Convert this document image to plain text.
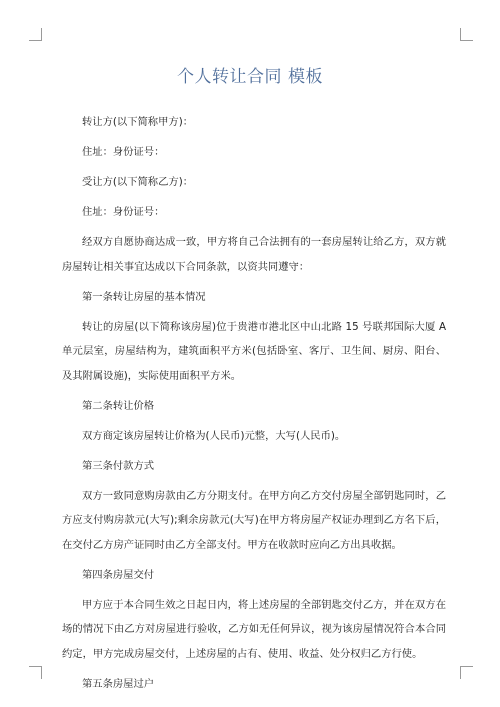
个人转让合同 模板

转让方(以下简称甲方)：

住址：身份证号：

受让方(以下简称乙方)：

住址：身份证号：

经双方自愿协商达成一致，甲方将自己合法拥有的一套房屋转让给乙方，双方就房屋转让相关事宜达成以下合同条款，以资共同遵守：

第一条转让房屋的基本情况

转让的房屋(以下简称该房屋)位于贵港市港北区中山北路 15 号联邦国际大厦 A 单元层室，房屋结构为，建筑面积平方米(包括卧室、客厅、卫生间、厨房、阳台、及其附属设施)，实际使用面积平方米。

第二条转让价格

双方商定该房屋转让价格为(人民币)元整，大写(人民币)。

第三条付款方式

双方一致同意购房款由乙方分期支付。在甲方向乙方交付房屋全部钥匙同时，乙方应支付购房款元(大写);剩余房款元(大写)在甲方将房屋产权证办理到乙方名下后，在交付乙方房产证同时由乙方全部支付。甲方在收款时应向乙方出具收据。

第四条房屋交付

甲方应于本合同生效之日起日内，将上述房屋的全部钥匙交付乙方，并在双方在场的情况下由乙方对房屋进行验收，乙方如无任何异议，视为该房屋情况符合本合同约定，甲方完成房屋交付，上述房屋的占有、使用、收益、处分权归乙方行使。

第五条房屋过户
